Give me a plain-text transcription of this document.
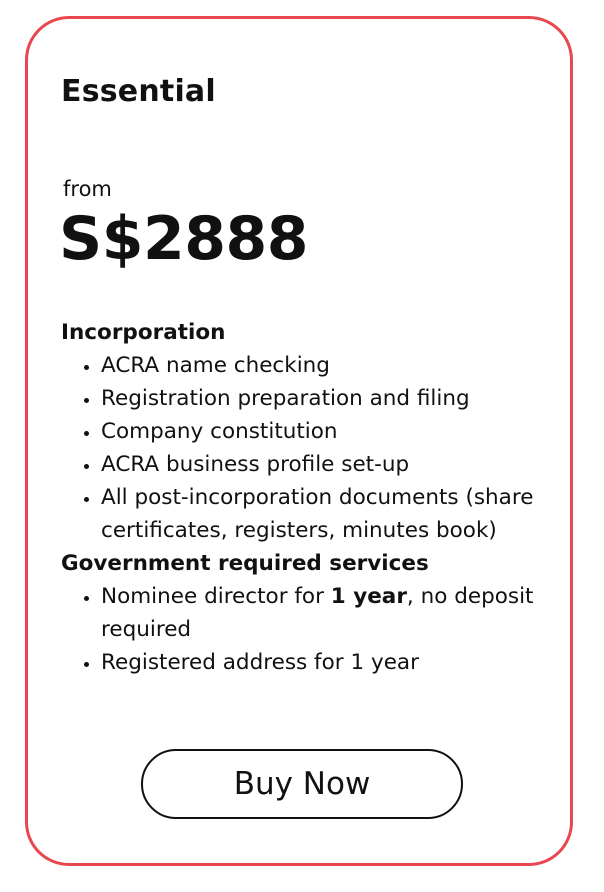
Essential
from
S$2888
Incorporation
• ACRA name checking
• Registration preparation and filing
• Company constitution
• ACRA business profile set-up
• All post-incorporation documents (share certificates, registers, minutes book)
Government required services
• Nominee director for 1 year, no deposit required
• Registered address for 1 year
Buy Now
